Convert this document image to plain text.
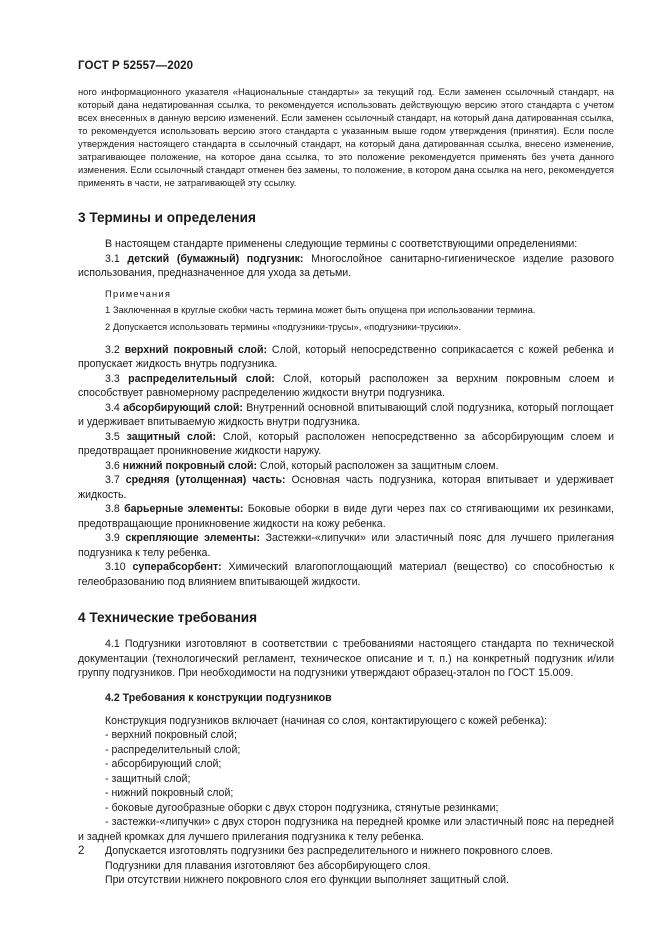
ГОСТ Р 52557—2020

ного информационного указателя «Национальные стандарты» за текущий год. Если заменен ссылочный стандарт, на который дана недатированная ссылка, то рекомендуется использовать действующую версию этого стандарта с учетом всех внесенных в данную версию изменений. Если заменен ссылочный стандарт, на который дана датированная ссылка, то рекомендуется использовать версию этого стандарта с указанным выше годом утверждения (принятия). Если после утверждения настоящего стандарта в ссылочный стандарт, на который дана датированная ссылка, внесено изменение, затрагивающее положение, на которое дана ссылка, то это положение рекомендуется применять без учета данного изменения. Если ссылочный стандарт отменен без замены, то положение, в котором дана ссылка на него, рекомендуется применять в части, не затрагивающей эту ссылку.

3 Термины и определения

В настоящем стандарте применены следующие термины с соответствующими определениями:

3.1 детский (бумажный) подгузник: Многослойное санитарно-гигиеническое изделие разового использования, предназначенное для ухода за детьми.

Примечания

1 Заключенная в круглые скобки часть термина может быть опущена при использовании термина.

2 Допускается использовать термины «подгузники-трусы», «подгузники-трусики».

3.2 верхний покровный слой: Слой, который непосредственно соприкасается с кожей ребенка и пропускает жидкость внутрь подгузника.

3.3 распределительный слой: Слой, который расположен за верхним покровным слоем и способствует равномерному распределению жидкости внутри подгузника.

3.4 абсорбирующий слой: Внутренний основной впитывающий слой подгузника, который поглощает и удерживает впитываемую жидкость внутри подгузника.

3.5 защитный слой: Слой, который расположен непосредственно за абсорбирующим слоем и предотвращает проникновение жидкости наружу.

3.6 нижний покровный слой: Слой, который расположен за защитным слоем.

3.7 средняя (утолщенная) часть: Основная часть подгузника, которая впитывает и удерживает жидкость.

3.8 барьерные элементы: Боковые оборки в виде дуги через пах со стягивающими их резинками, предотвращающие проникновение жидкости на кожу ребенка.

3.9 скрепляющие элементы: Застежки-«липучки» или эластичный пояс для лучшего прилегания подгузника к телу ребенка.

3.10 суперабсорбент: Химический влагопоглощающий материал (вещество) со способностью к гелеобразованию под влиянием впитывающей жидкости.

4 Технические требования

4.1 Подгузники изготовляют в соответствии с требованиями настоящего стандарта по технической документации (технологический регламент, техническое описание и т. п.) на конкретный подгузник и/или группу подгузников. При необходимости на подгузники утверждают образец-эталон по ГОСТ 15.009.

4.2 Требования к конструкции подгузников

Конструкция подгузников включает (начиная со слоя, контактирующего с кожей ребенка):

- верхний покровный слой;
- распределительный слой;
- абсорбирующий слой;
- защитный слой;
- нижний покровный слой;
- боковые дугообразные оборки с двух сторон подгузника, стянутые резинками;
- застежки-«липучки» с двух сторон подгузника на передней кромке или эластичный пояс на передней и задней кромках для лучшего прилегания подгузника к телу ребенка.

Допускается изготовлять подгузники без распределительного и нижнего покровного слоев.

Подгузники для плавания изготовляют без абсорбирующего слоя.

При отсутствии нижнего покровного слоя его функции выполняет защитный слой.

2
